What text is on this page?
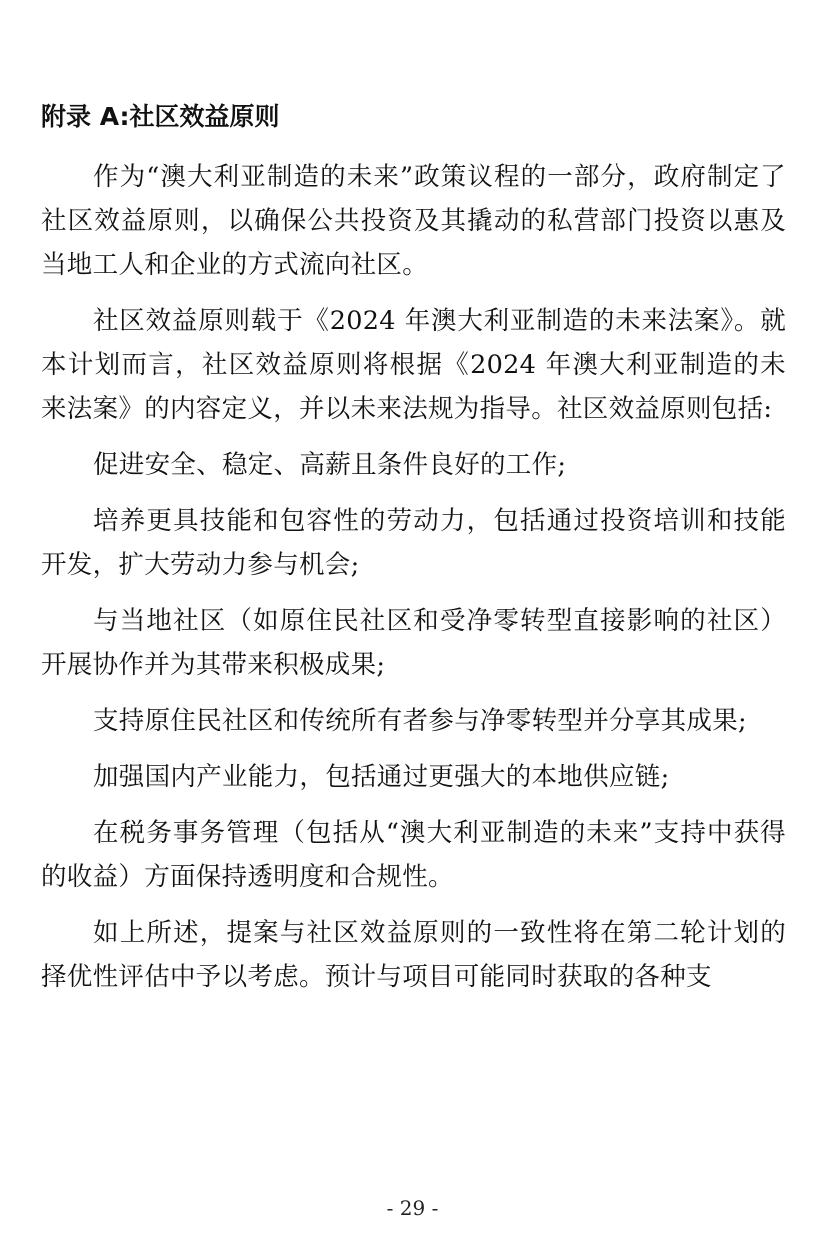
附录 A:社区效益原则

作为“澳大利亚制造的未来”政策议程的一部分，政府制定了社区效益原则，以确保公共投资及其撬动的私营部门投资以惠及当地工人和企业的方式流向社区。

社区效益原则载于《2024 年澳大利亚制造的未来法案》。就本计划而言，社区效益原则将根据《2024 年澳大利亚制造的未来法案》的内容定义，并以未来法规为指导。社区效益原则包括:

促进安全、稳定、高薪且条件良好的工作;

培养更具技能和包容性的劳动力，包括通过投资培训和技能开发，扩大劳动力参与机会;

与当地社区（如原住民社区和受净零转型直接影响的社区）开展协作并为其带来积极成果;

支持原住民社区和传统所有者参与净零转型并分享其成果;

加强国内产业能力，包括通过更强大的本地供应链;

在税务事务管理（包括从“澳大利亚制造的未来”支持中获得的收益）方面保持透明度和合规性。

如上所述，提案与社区效益原则的一致性将在第二轮计划的择优性评估中予以考虑。预计与项目可能同时获取的各种支

- 29 -
